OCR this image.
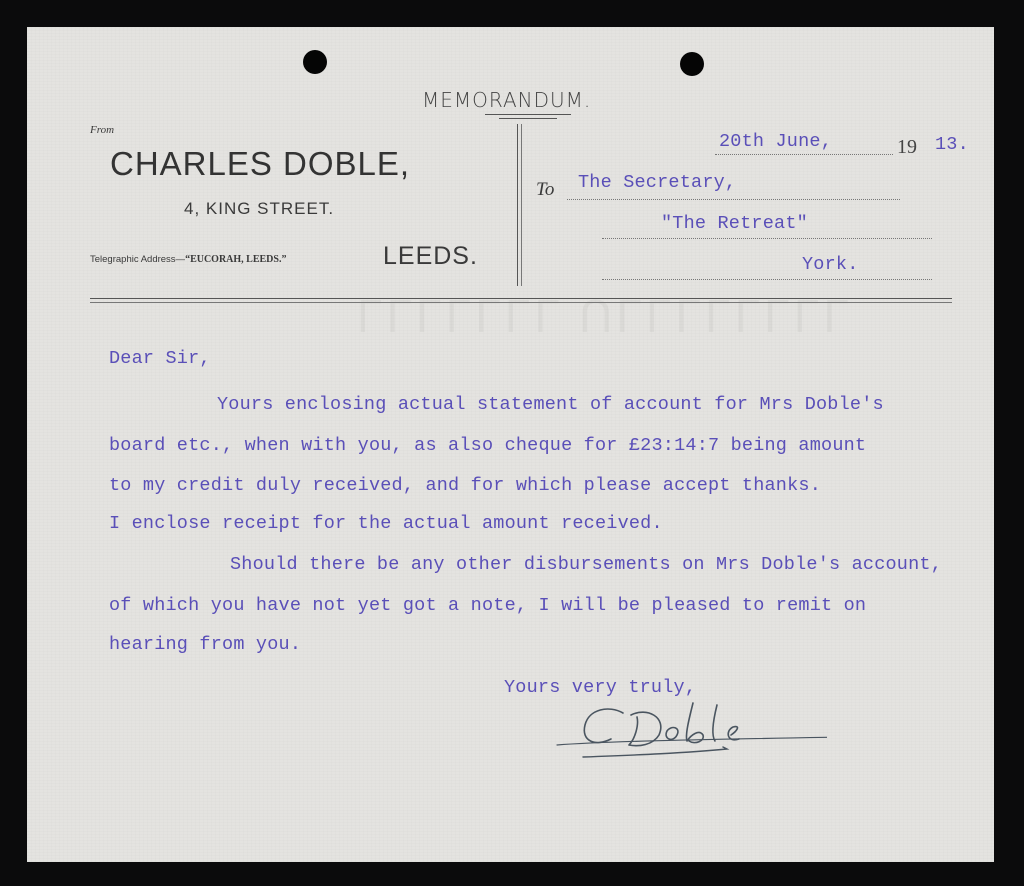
LLLLLLL ULLLLLLLL
MEMORANDUM.
From
CHARLES DOBLE,
4, KING STREET.
Telegraphic Address—“EUCORAH, LEEDS.”	LEEDS.
20th June,	19 13.
To The Secretary,
"The Retreat"
York.
Dear Sir,
Yours enclosing actual statement of account for Mrs Doble's
board etc., when with you, as also cheque for £23:14:7 being amount
to my credit duly received, and for which please accept thanks.
I enclose receipt for the actual amount received.
Should there be any other disbursements on Mrs Doble's account,
of which you have not yet got a note, I will be pleased to remit on
hearing from you.
Yours very truly,
